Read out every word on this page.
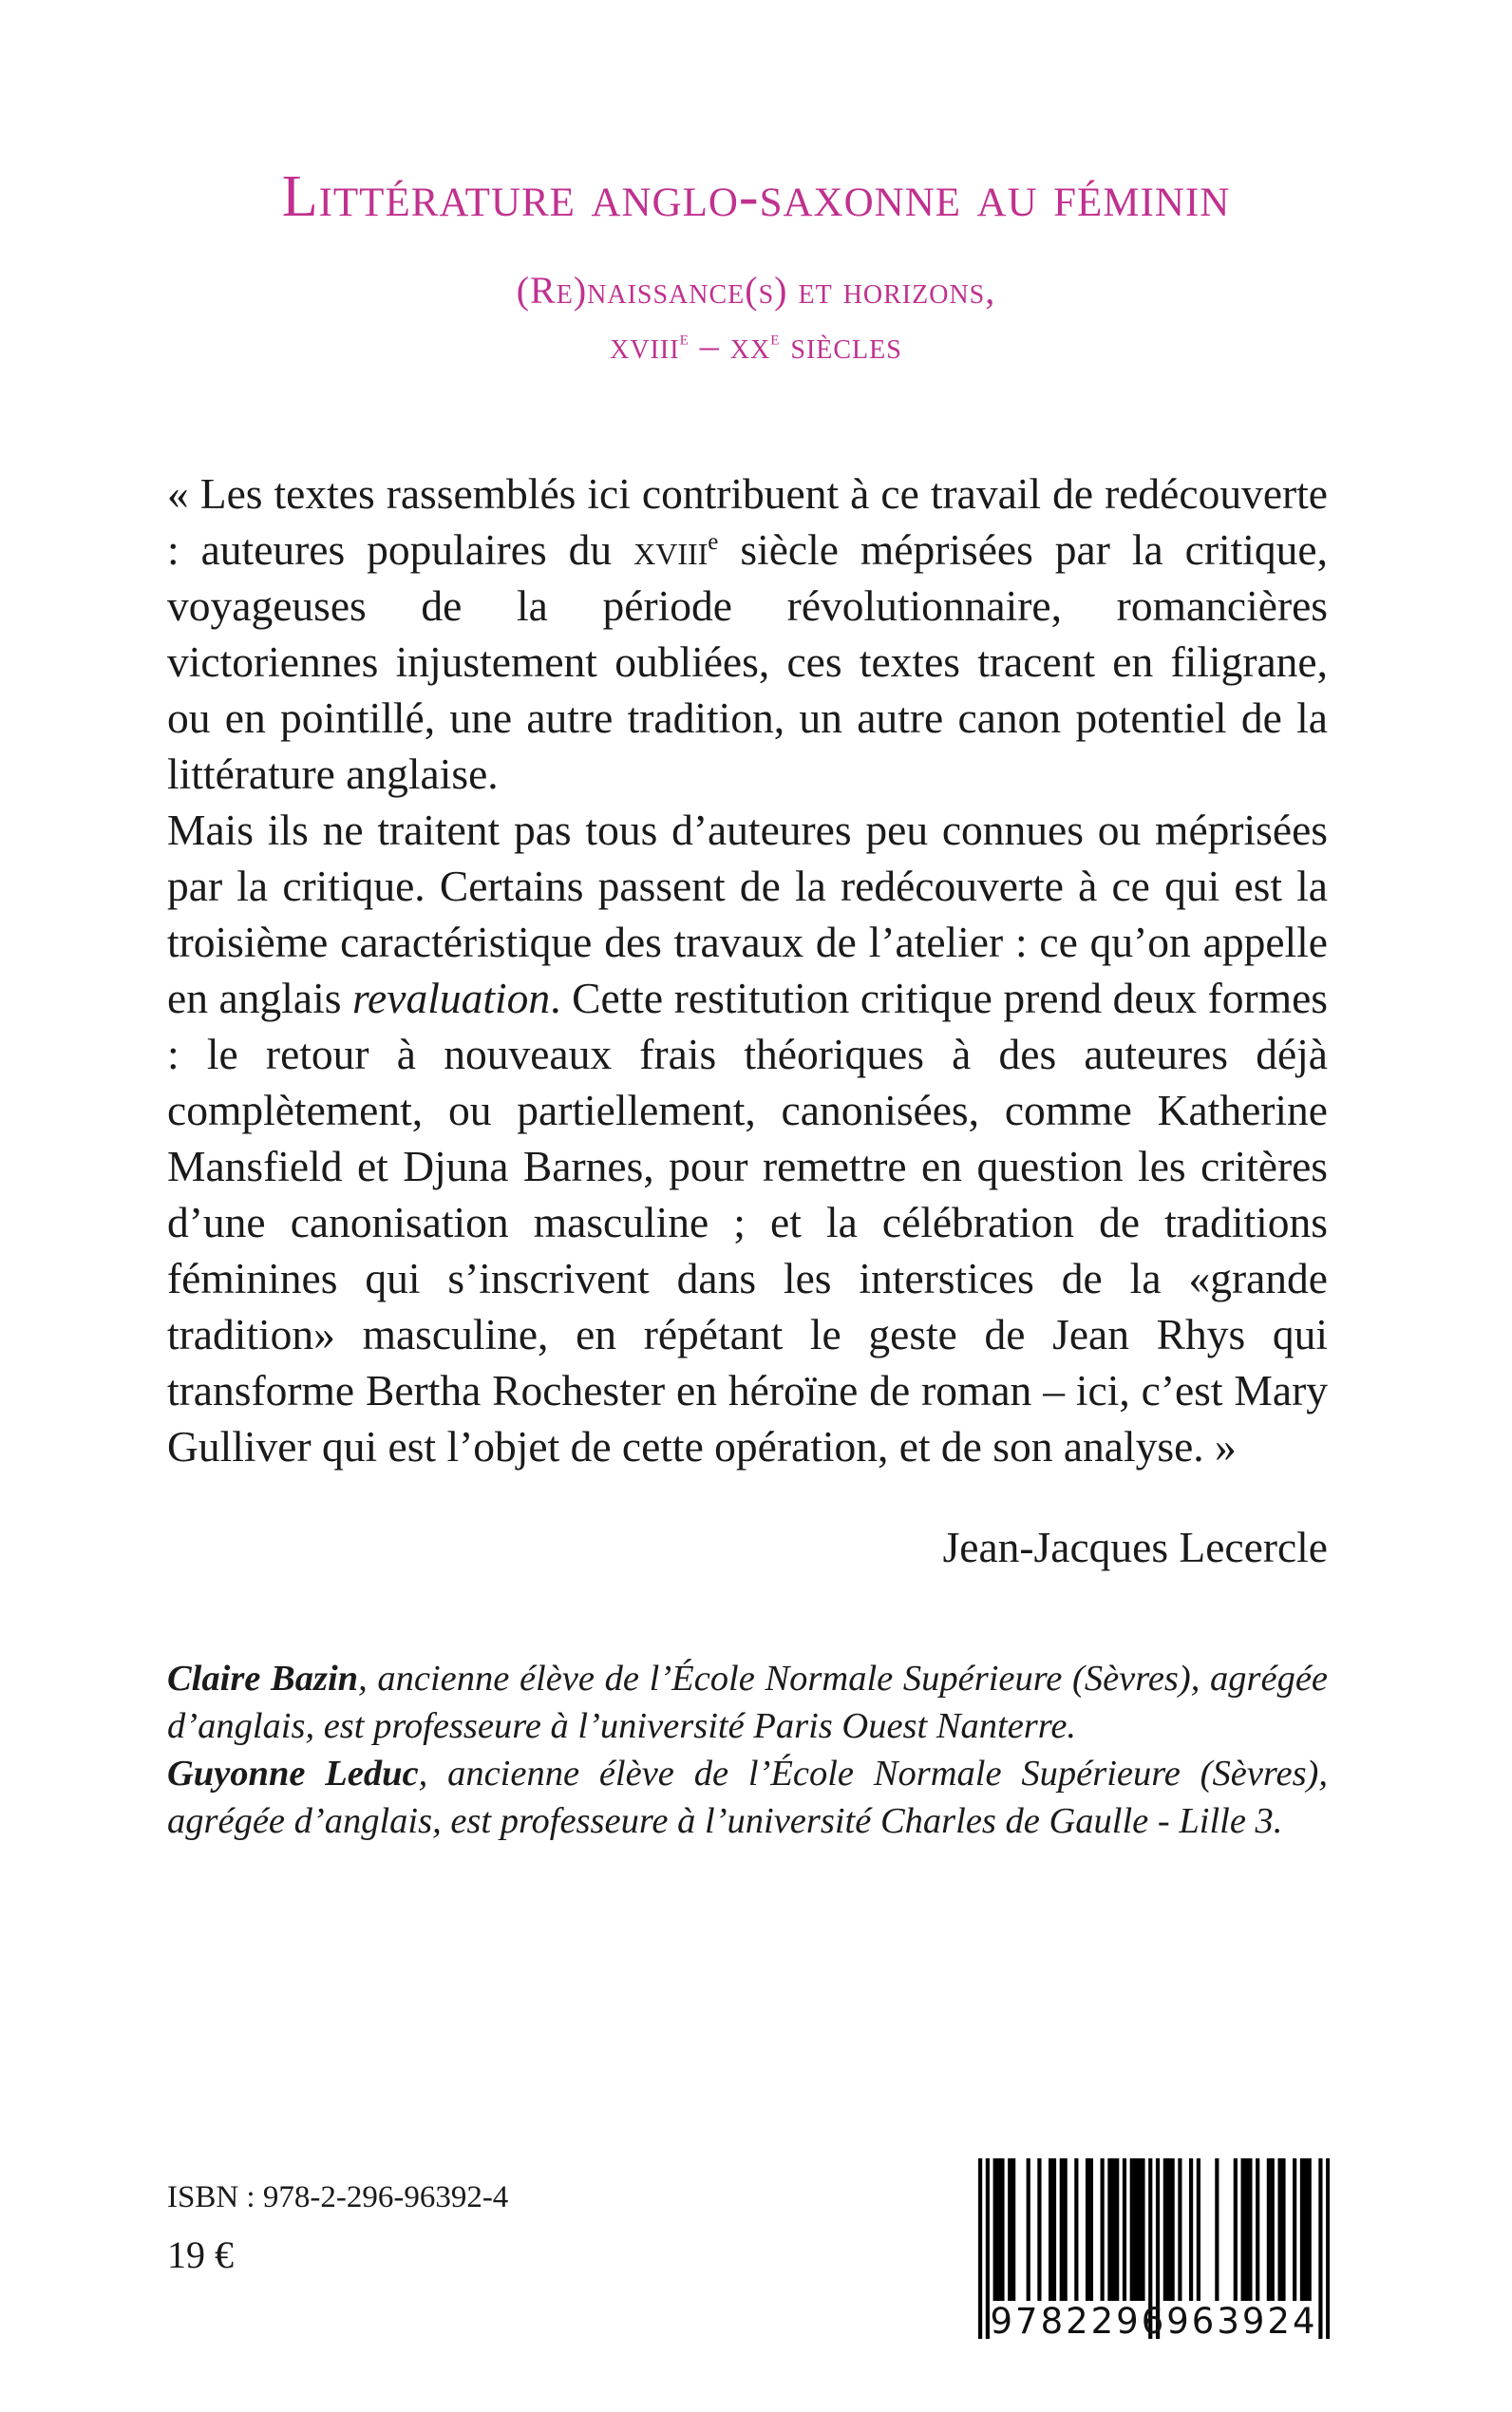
Littérature anglo-saxonne au féminin
(Re)naissance(s) et horizons,
xviii$^e$ – $xx^e$ siècles

« Les textes rassemblés ici contribuent à ce travail de redécouverte : auteures populaires du xviii$^e$ siècle méprisées par la critique, voyageuses de la période révolutionnaire, romancières victoriennes injustement oubliées, ces textes tracent en filigrane, ou en pointillé, une autre tradition, un autre canon potentiel de la littérature anglaise.

Mais ils ne traitent pas tous d’auteures peu connues ou méprisées par la critique. Certains passent de la redécouverte à ce qui est la troisième caractéristique des travaux de l’atelier : ce qu’on appelle en anglais revaluation. Cette restitution critique prend deux formes : le retour à nouveaux frais théoriques à des auteures déjà complètement, ou partiellement, canonisées, comme Katherine Mansfield et Djuna Barnes, pour remettre en question les critères d’une canonisation masculine ; et la célébration de traditions féminines qui s’inscrivent dans les interstices de la «grande tradition» masculine, en répétant le geste de Jean Rhys qui transforme Bertha Rochester en héroïne de roman – ici, c’est Mary Gulliver qui est l’objet de cette opération, et de son analyse. »

Jean-Jacques Lecercle

Claire Bazin, ancienne élève de l’École Normale Supérieure (Sèvres), agrégée d’anglais, est professeure à l’université Paris Ouest Nanterre.

Guyonne Leduc, ancienne élève de l’École Normale Supérieure (Sèvres), agrégée d’anglais, est professeure à l’université Charles de Gaulle - Lille 3.

ISBN : 978-2-296-96392-4
19 €
9782296963924
